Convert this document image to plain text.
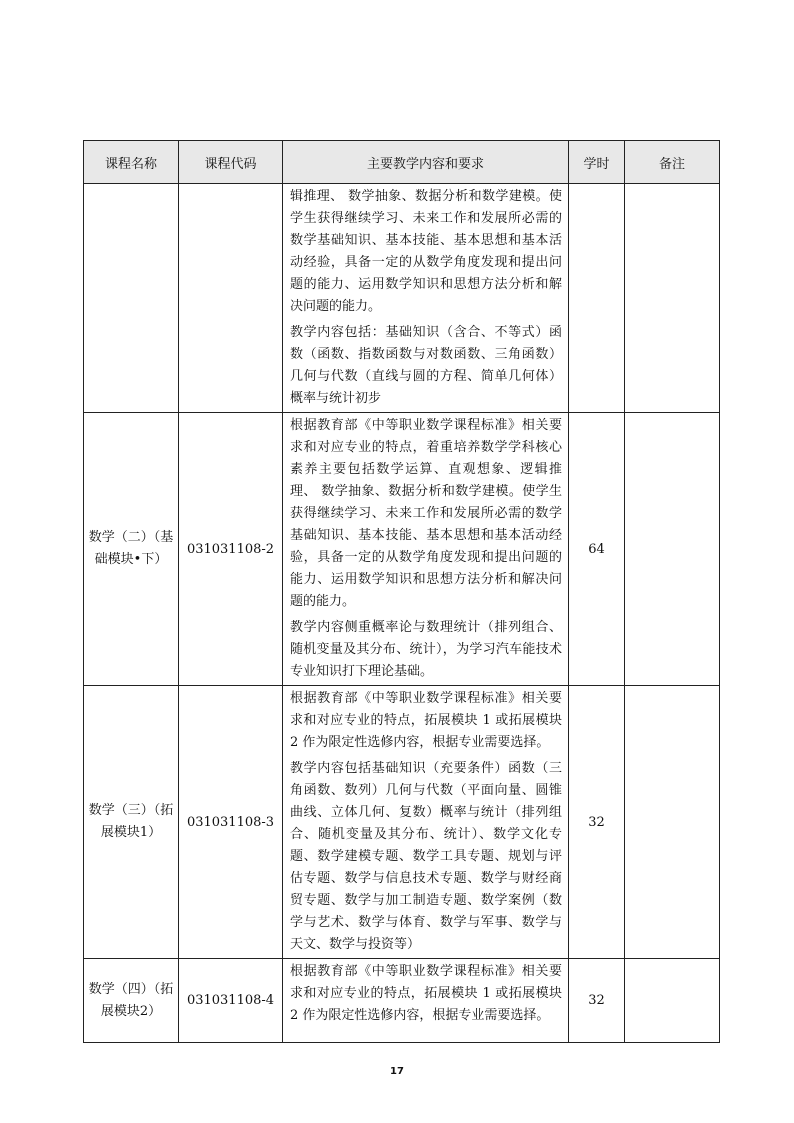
课程名称	课程代码	主要教学内容和要求	学时	备注

		辑推理、 数学抽象、数据分析和数学建模。使学生获得继续学习、未来工作和发展所必需的数学基础知识、基本技能、基本思想和基本活动经验，具备一定的从数学角度发现和提出问题的能力、运用数学知识和思想方法分析和解决问题的能力。

教学内容包括：基础知识（含合、不等式）函数（函数、指数函数与对数函数、三角函数）几何与代数（直线与圆的方程、简单几何体）概率与统计初步		

数学（二）（基础模块•下）	031031108-2	根据教育部《中等职业数学课程标准》相关要求和对应专业的特点，着重培养数学学科核心素养主要包括数学运算、直观想象、逻辑推理、 数学抽象、数据分析和数学建模。使学生获得继续学习、未来工作和发展所必需的数学基础知识、基本技能、基本思想和基本活动经验，具备一定的从数学角度发现和提出问题的能力、运用数学知识和思想方法分析和解决问题的能力。

教学内容侧重概率论与数理统计（排列组合、随机变量及其分布、统计），为学习汽车能技术专业知识打下理论基础。	64	
数学（三）（拓展模块1）	031031108-3	根据教育部《中等职业数学课程标准》相关要求和对应专业的特点，拓展模块 1 或拓展模块 2 作为限定性选修内容，根据专业需要选择。

教学内容包括基础知识（充要条件）函数（三角函数、数列）几何与代数（平面向量、圆锥曲线、立体几何、复数）概率与统计（排列组合、随机变量及其分布、统计）、数学文化专题、数学建模专题、数学工具专题、规划与评估专题、数学与信息技术专题、数学与财经商贸专题、数学与加工制造专题、数学案例（数学与艺术、数学与体育、数学与军事、数学与天文、数学与投资等）	32	
数学（四）（拓展模块2）	031031108-4	根据教育部《中等职业数学课程标准》相关要求和对应专业的特点，拓展模块 1 或拓展模块 2 作为限定性选修内容，根据专业需要选择。	32	
17
